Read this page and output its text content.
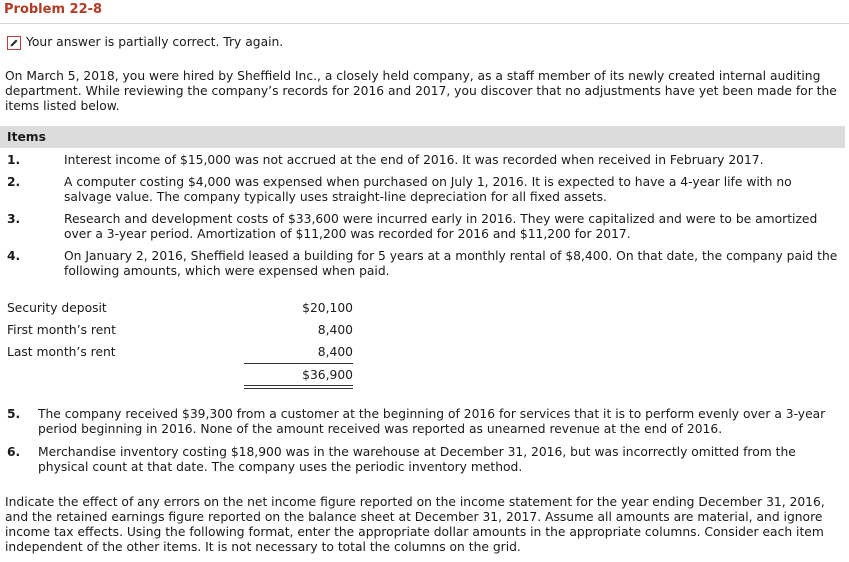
Problem 22-8
Your answer is partially correct. Try again.
On March 5, 2018, you were hired by Sheffield Inc., a closely held company, as a staff member of its newly created internal auditing department. While reviewing the company’s records for 2016 and 2017, you discover that no adjustments have yet been made for the items listed below.
Items
1.	Interest income of $15,000 was not accrued at the end of 2016. It was recorded when received in February 2017.
2.	A computer costing $4,000 was expensed when purchased on July 1, 2016. It is expected to have a 4-year life with no salvage value. The company typically uses straight-line depreciation for all fixed assets.
3.	Research and development costs of $33,600 were incurred early in 2016. They were capitalized and were to be amortized over a 3-year period. Amortization of $11,200 was recorded for 2016 and $11,200 for 2017.
4.	On January 2, 2016, Sheffield leased a building for 5 years at a monthly rental of $8,400. On that date, the company paid the following amounts, which were expensed when paid.
Security deposit	$20,100
First month’s rent	8,400
Last month’s rent	8,400
$36,900
5. The company received $39,300 from a customer at the beginning of 2016 for services that it is to perform evenly over a 3-year period beginning in 2016. None of the amount received was reported as unearned revenue at the end of 2016.
6. Merchandise inventory costing $18,900 was in the warehouse at December 31, 2016, but was incorrectly omitted from the physical count at that date. The company uses the periodic inventory method.
Indicate the effect of any errors on the net income figure reported on the income statement for the year ending December 31, 2016, and the retained earnings figure reported on the balance sheet at December 31, 2017. Assume all amounts are material, and ignore income tax effects. Using the following format, enter the appropriate dollar amounts in the appropriate columns. Consider each item independent of the other items. It is not necessary to total the columns on the grid.
